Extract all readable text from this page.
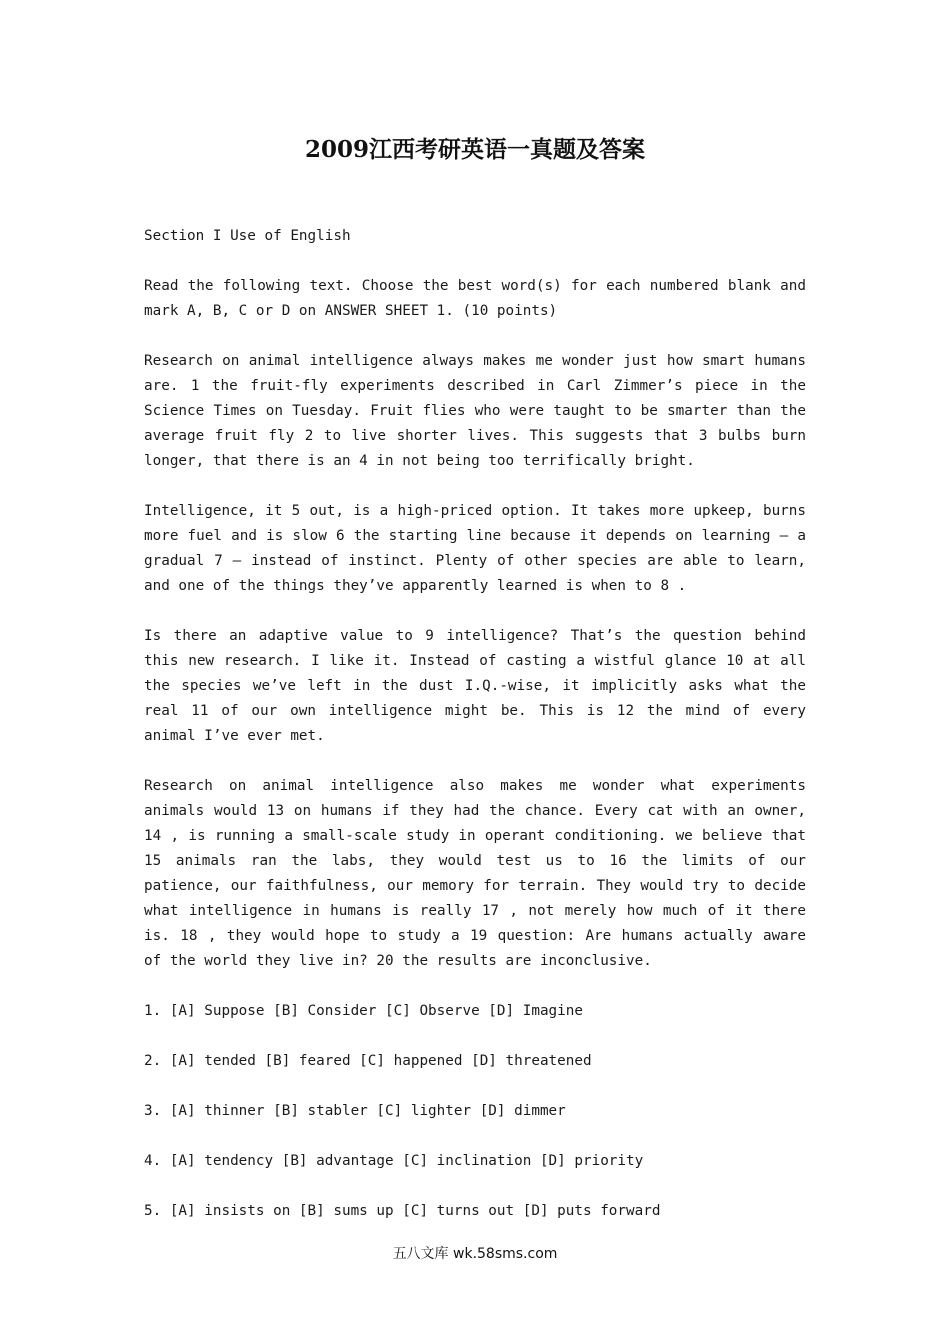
2009江西考研英语一真题及答案

Section I Use of English

Read the following text. Choose the best word(s) for each numbered blank and mark A, B, C or D on ANSWER SHEET 1. (10 points)

Research on animal intelligence always makes me wonder just how smart humans are. 1 the fruit-fly experiments described in Carl Zimmer’s piece in the Science Times on Tuesday. Fruit flies who were taught to be smarter than the average fruit fly 2 to live shorter lives. This suggests that 3 bulbs burn longer, that there is an 4 in not being too terrifically bright.

Intelligence, it 5 out, is a high-priced option. It takes more upkeep, burns more fuel and is slow 6 the starting line because it depends on learning — a gradual 7 — instead of instinct. Plenty of other species are able to learn, and one of the things they’ve apparently learned is when to 8 .

Is there an adaptive value to 9 intelligence? That’s the question behind this new research. I like it. Instead of casting a wistful glance 10 at all the species we’ve left in the dust I.Q.-wise, it implicitly asks what the real 11 of our own intelligence might be. This is 12 the mind of every animal I’ve ever met.

Research on animal intelligence also makes me wonder what experiments animals would 13 on humans if they had the chance. Every cat with an owner, 14 , is running a small-scale study in operant conditioning. we believe that 15 animals ran the labs, they would test us to 16 the limits of our patience, our faithfulness, our memory for terrain. They would try to decide what intelligence in humans is really 17 , not merely how much of it there is. 18 , they would hope to study a 19 question: Are humans actually aware of the world they live in? 20 the results are inconclusive.

1. [A] Suppose [B] Consider [C] Observe [D] Imagine

2. [A] tended [B] feared [C] happened [D] threatened

3. [A] thinner [B] stabler [C] lighter [D] dimmer

4. [A] tendency [B] advantage [C] inclination [D] priority

5. [A] insists on [B] sums up [C] turns out [D] puts forward

五八文库 wk.58sms.com
